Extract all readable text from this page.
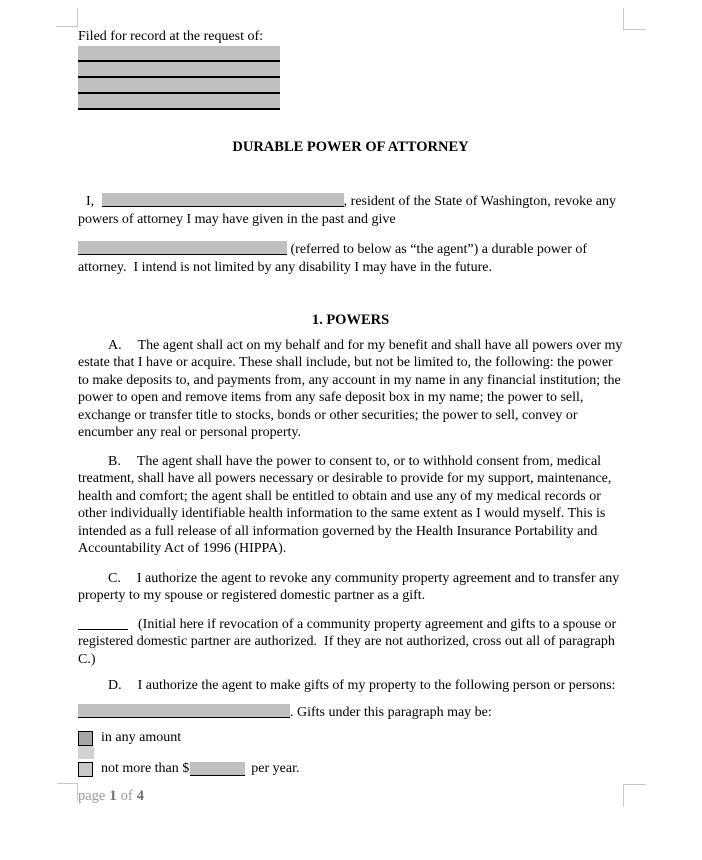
Filed for record at the request of:
DURABLE POWER OF ATTORNEY
I,	, resident of the State of Washington, revoke any powers of attorney I may have given in the past and give
(referred to below as “the agent”) a durable power of attorney.  I intend is not limited by any disability I may have in the future.
1. POWERS
A. The agent shall act on my behalf and for my benefit and shall have all powers over my estate that I have or acquire. These shall include, but not be limited to, the following: the power to make deposits to, and payments from, any account in my name in any financial institution; the power to open and remove items from any safe deposit box in my name; the power to sell, exchange or transfer title to stocks, bonds or other securities; the power to sell, convey or encumber any real or personal property.
B. The agent shall have the power to consent to, or to withhold consent from, medical treatment, shall have all powers necessary or desirable to provide for my support, maintenance, health and comfort; the agent shall be entitled to obtain and use any of my medical records or other individually identifiable health information to the same extent as I would myself. This is intended as a full release of all information governed by the Health Insurance Portability and Accountability Act of 1996 (HIPPA).
C. I authorize the agent to revoke any community property agreement and to transfer any property to my spouse or registered domestic partner as a gift.
(Initial here if revocation of a community property agreement and gifts to a spouse or registered domestic partner are authorized.  If they are not authorized, cross out all of paragraph C.)
D. I authorize the agent to make gifts of my property to the following person or persons:
. Gifts under this paragraph may be:
in any amount
not more than $	per year.
page 1 of 4
